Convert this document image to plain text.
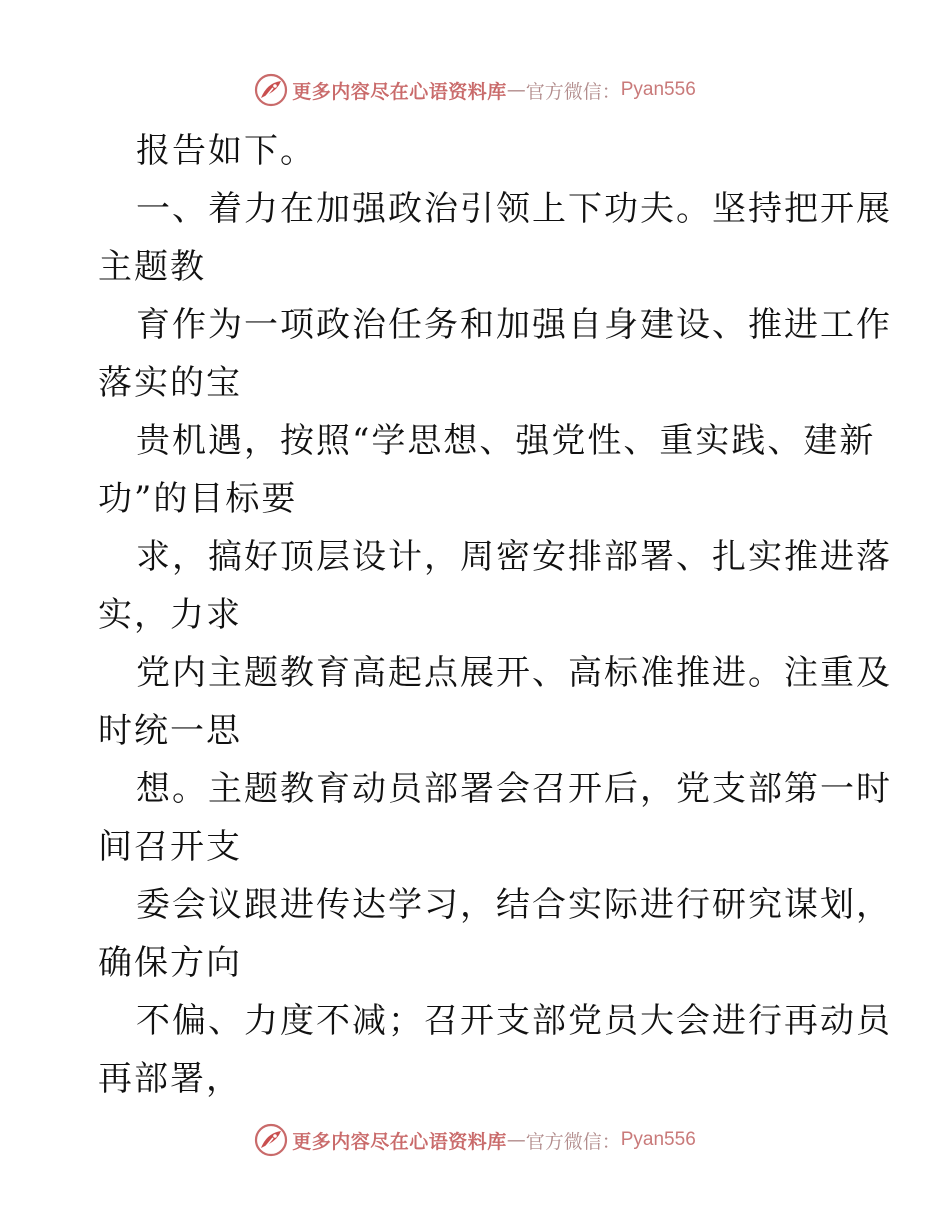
更多内容尽在心语资料库 — 官方微信： Pyan556
报告如下。
一、着力在加强政治引领上下功夫。坚持把开展
主题教
育作为一项政治任务和加强自身建设、推进工作
落实的宝
贵机遇，按照“学思想、强党性、重实践、建新
功”的目标要
求，搞好顶层设计，周密安排部署、扎实推进落
实，力求
党内主题教育高起点展开、高标准推进。注重及
时统一思
想。主题教育动员部署会召开后，党支部第一时
间召开支
委会议跟进传达学习，结合实际进行研究谋划，
确保方向
不偏、力度不减；召开支部党员大会进行再动员
再部署，
更多内容尽在心语资料库 — 官方微信： Pyan556
